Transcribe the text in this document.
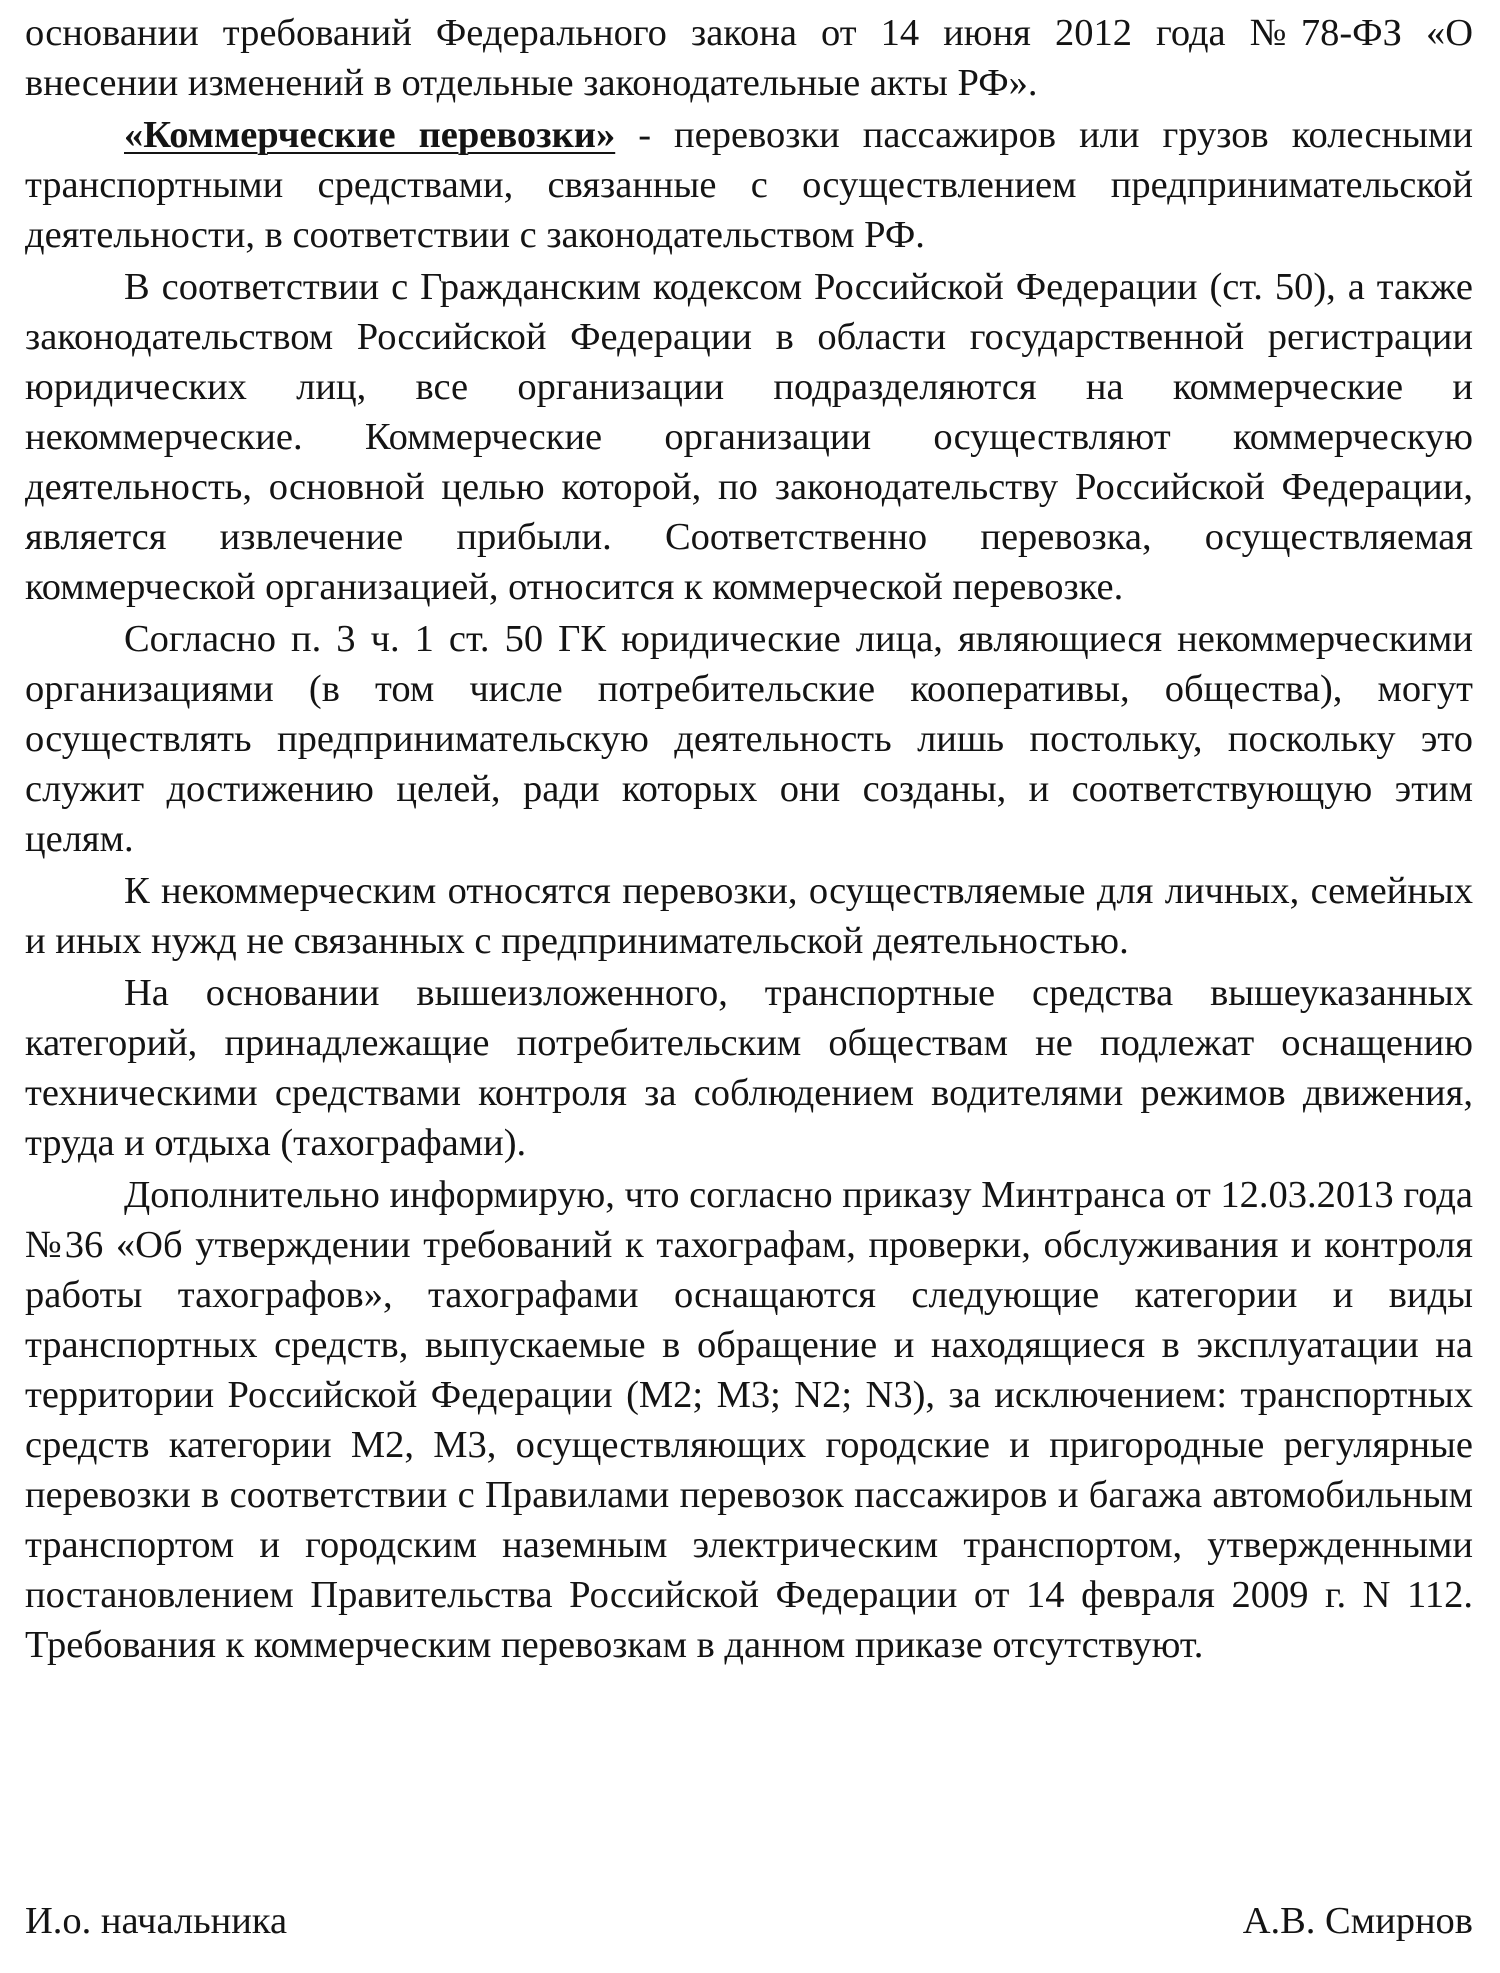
основании требований Федерального закона от 14 июня 2012 года №78-ФЗ «О внесении изменений в отдельные законодательные акты РФ».

«Коммерческие перевозки» - перевозки пассажиров или грузов колесными транспортными средствами, связанные с осуществлением предпринимательской деятельности, в соответствии с законодательством РФ.

В соответствии с Гражданским кодексом Российской Федерации (ст. 50), а также законодательством Российской Федерации в области государственной регистрации юридических лиц, все организации подразделяются на коммерческие и некоммерческие. Коммерческие организации осуществляют коммерческую деятельность, основной целью которой, по законодательству Российской Федерации, является извлечение прибыли. Соответственно перевозка, осуществляемая коммерческой организацией, относится к коммерческой перевозке.

Согласно п. 3 ч. 1 ст. 50 ГК юридические лица, являющиеся некоммерческими организациями (в том числе потребительские кооперативы, общества), могут осуществлять предпринимательскую деятельность лишь постольку, поскольку это служит достижению целей, ради которых они созданы, и соответствующую этим целям.

К некоммерческим относятся перевозки, осуществляемые для личных, семейных и иных нужд не связанных с предпринимательской деятельностью.

На основании вышеизложенного, транспортные средства вышеуказанных категорий, принадлежащие потребительским обществам не подлежат оснащению техническими средствами контроля за соблюдением водителями режимов движения, труда и отдыха (тахографами).

Дополнительно информирую, что согласно приказу Минтранса от 12.03.2013 года №36 «Об утверждении требований к тахографам, проверки, обслуживания и контроля работы тахографов», тахографами оснащаются следующие категории и виды транспортных средств, выпускаемые в обращение и находящиеся в эксплуатации на территории Российской Федерации (М2; М3; N2; N3), за исключением: транспортных средств категории М2, М3, осуществляющих городские и пригородные регулярные перевозки в соответствии с Правилами перевозок пассажиров и багажа автомобильным транспортом и городским наземным электрическим транспортом, утвержденными постановлением Правительства Российской Федерации от 14 февраля 2009 г. N 112. Требования к коммерческим перевозкам в данном приказе отсутствуют.

И.о. начальника	А.В. Смирнов
